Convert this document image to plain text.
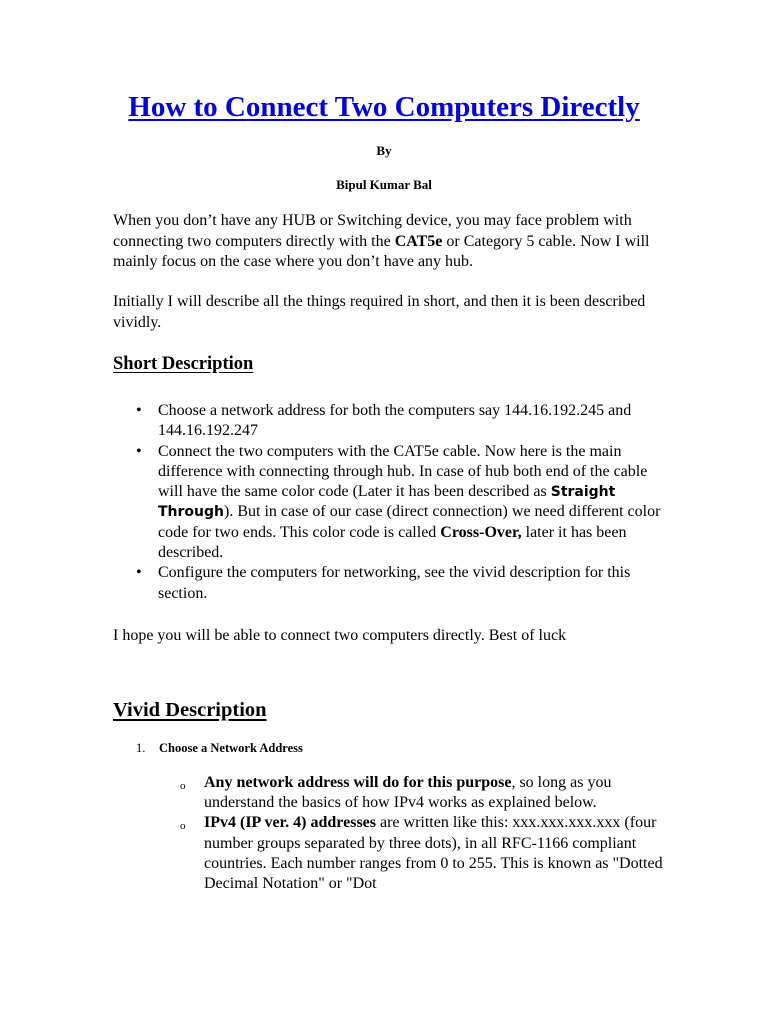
How to Connect Two Computers Directly
By
Bipul Kumar Bal

When you don’t have any HUB or Switching device, you may face problem with connecting two computers directly with the CAT5e or Category 5 cable. Now I will mainly focus on the case where you don’t have any hub.

Initially I will describe all the things required in short, and then it is been described vividly.

Short Description
• Choose a network address for both the computers say 144.16.192.245 and 144.16.192.247
• Connect the two computers with the CAT5e cable. Now here is the main difference with connecting through hub. In case of hub both end of the cable will have the same color code (Later it has been described as Straight Through). But in case of our case (direct connection) we need different color code for two ends. This color code is called Cross-Over, later it has been described.
• Configure the computers for networking, see the vivid description for this section.

I hope you will be able to connect two computers directly. Best of luck

Vivid Description
1. Choose a Network Address
o Any network address will do for this purpose, so long as you understand the basics of how IPv4 works as explained below.
o IPv4 (IP ver. 4) addresses are written like this: xxx.xxx.xxx.xxx (four number groups separated by three dots), in all RFC-1166 compliant countries. Each number ranges from 0 to 255. This is known as "Dotted Decimal Notation" or "Dot
